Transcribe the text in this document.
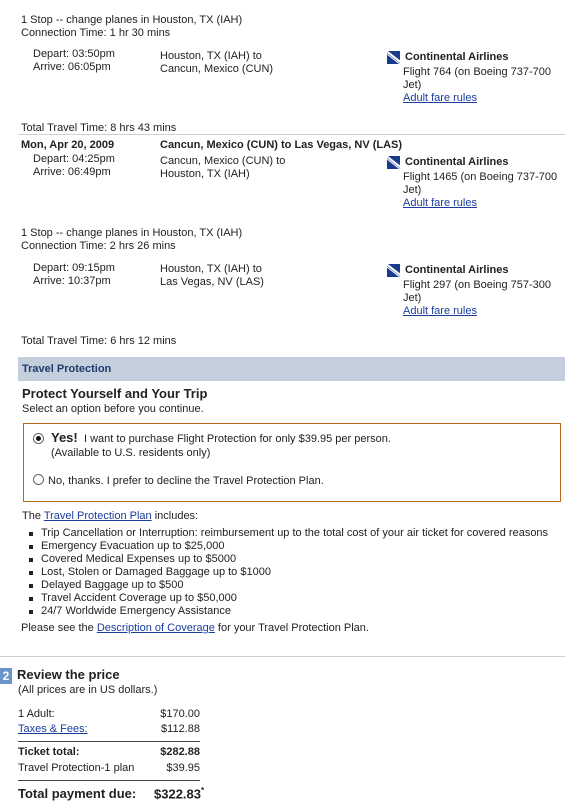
1 Stop -- change planes in Houston, TX (IAH)
Connection Time: 1 hr 30 mins
Depart: 03:50pm
Arrive: 06:05pm
Houston, TX (IAH) to
Cancun, Mexico (CUN)
Continental Airlines
Flight 764 (on Boeing 737-700
Jet)
Adult fare rules
Total Travel Time: 8 hrs 43 mins
Mon, Apr 20, 2009	Cancun, Mexico (CUN) to Las Vegas, NV (LAS)
Depart: 04:25pm
Arrive: 06:49pm
Cancun, Mexico (CUN) to
Houston, TX (IAH)
Continental Airlines
Flight 1465 (on Boeing 737-700
Jet)
Adult fare rules
1 Stop -- change planes in Houston, TX (IAH)
Connection Time: 2 hrs 26 mins
Depart: 09:15pm
Arrive: 10:37pm
Houston, TX (IAH) to
Las Vegas, NV (LAS)
Continental Airlines
Flight 297 (on Boeing 757-300
Jet)
Adult fare rules
Total Travel Time: 6 hrs 12 mins
Travel Protection
Protect Yourself and Your Trip
Select an option before you continue.
Yes! I want to purchase Flight Protection for only $39.95 per person.
(Available to U.S. residents only)
No, thanks. I prefer to decline the Travel Protection Plan.
The Travel Protection Plan includes:
Trip Cancellation or Interruption: reimbursement up to the total cost of your air ticket for covered reasons
Emergency Evacuation up to $25,000
Covered Medical Expenses up to $5000
Lost, Stolen or Damaged Baggage up to $1000
Delayed Baggage up to $500
Travel Accident Coverage up to $50,000
24/7 Worldwide Emergency Assistance
Please see the Description of Coverage for your Travel Protection Plan.
2 Review the price
(All prices are in US dollars.)
1 Adult:	$170.00
Taxes & Fees:	$112.88
Ticket total:	$282.88
Travel Protection-1 plan	$39.95
Total payment due: $322.83*
